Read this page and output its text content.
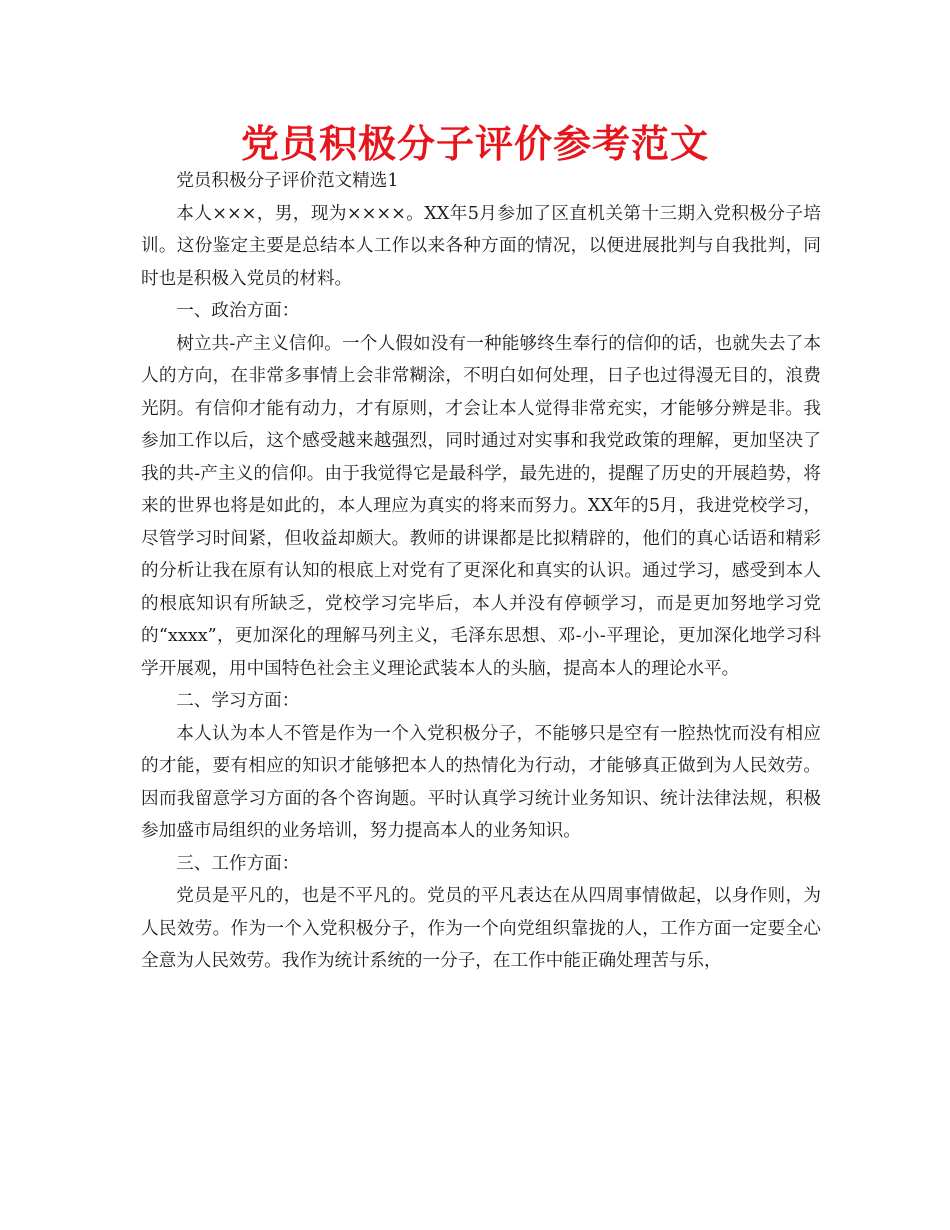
党员积极分子评价参考范文

党员积极分子评价范文精选1

本人×××，男，现为××××。XX年5月参加了区直机关第十三期入党积极分子培训。这份鉴定主要是总结本人工作以来各种方面的情况，以便进展批判与自我批判，同时也是积极入党员的材料。

一、政治方面：

树立共-产主义信仰。一个人假如没有一种能够终生奉行的信仰的话，也就失去了本人的方向，在非常多事情上会非常糊涂，不明白如何处理，日子也过得漫无目的，浪费光阴。有信仰才能有动力，才有原则，才会让本人觉得非常充实，才能够分辨是非。我参加工作以后，这个感受越来越强烈，同时通过对实事和我党政策的理解，更加坚决了我的共-产主义的信仰。由于我觉得它是最科学，最先进的，提醒了历史的开展趋势，将来的世界也将是如此的，本人理应为真实的将来而努力。XX年的5月，我进党校学习，尽管学习时间紧，但收益却颇大。教师的讲课都是比拟精辟的，他们的真心话语和精彩的分析让我在原有认知的根底上对党有了更深化和真实的认识。通过学习，感受到本人的根底知识有所缺乏，党校学习完毕后，本人并没有停顿学习，而是更加努地学习党的“xxxx”，更加深化的理解马列主义，毛泽东思想、邓-小-平理论，更加深化地学习科学开展观，用中国特色社会主义理论武装本人的头脑，提高本人的理论水平。

二、学习方面：

本人认为本人不管是作为一个入党积极分子，不能够只是空有一腔热忱而没有相应的才能，要有相应的知识才能够把本人的热情化为行动，才能够真正做到为人民效劳。因而我留意学习方面的各个咨询题。平时认真学习统计业务知识、统计法律法规，积极参加盛市局组织的业务培训，努力提高本人的业务知识。

三、工作方面：

党员是平凡的，也是不平凡的。党员的平凡表达在从四周事情做起，以身作则，为人民效劳。作为一个入党积极分子，作为一个向党组织靠拢的人，工作方面一定要全心全意为人民效劳。我作为统计系统的一分子，在工作中能正确处理苦与乐，
